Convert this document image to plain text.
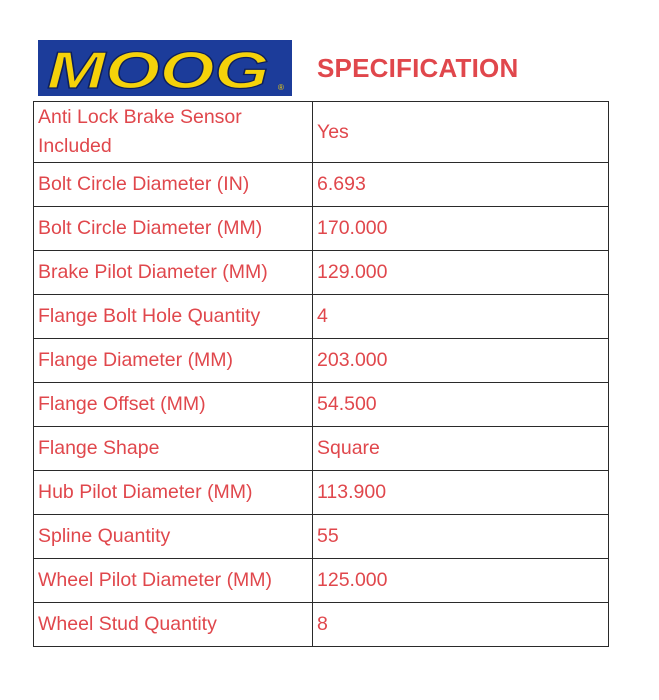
MOOG ®
SPECIFICATION
Anti Lock Brake Sensor Included	Yes
Bolt Circle Diameter (IN)	6.693
Bolt Circle Diameter (MM)	170.000
Brake Pilot Diameter (MM)	129.000
Flange Bolt Hole Quantity	4
Flange Diameter (MM)	203.000
Flange Offset (MM)	54.500
Flange Shape	Square
Hub Pilot Diameter (MM)	113.900
Spline Quantity	55
Wheel Pilot Diameter (MM)	125.000
Wheel Stud Quantity	8
